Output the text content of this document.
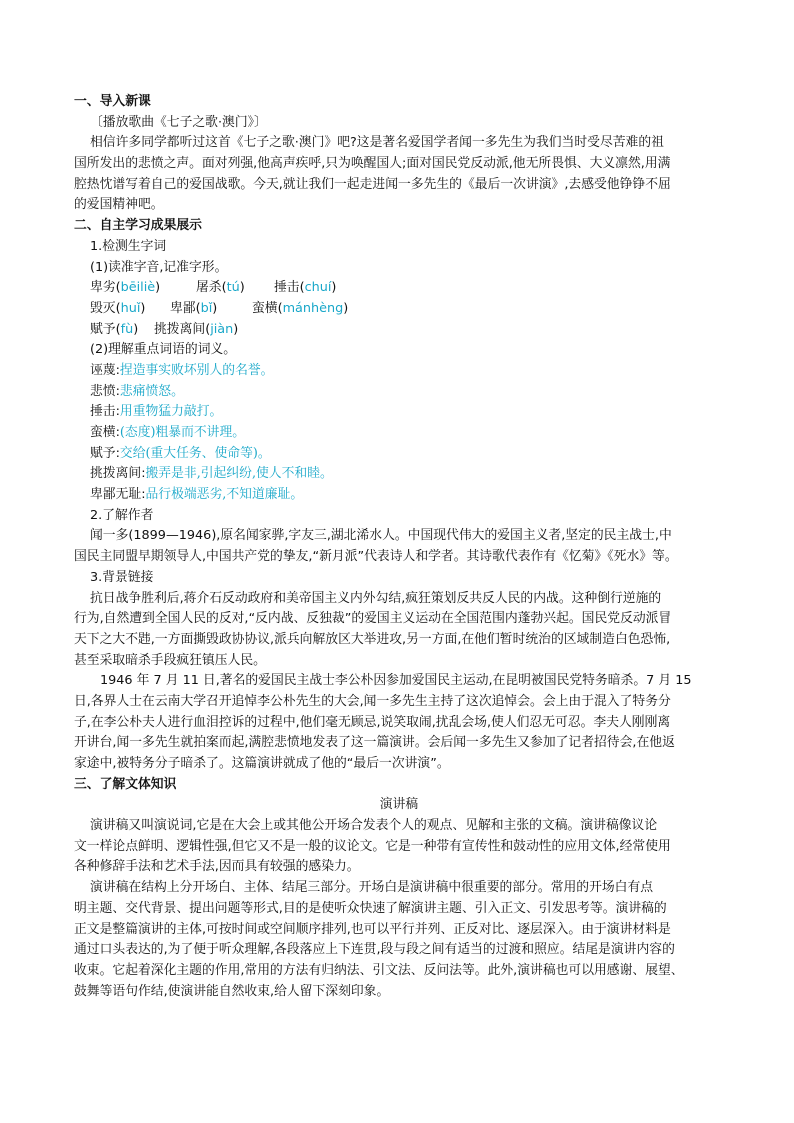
一、导入新课
〔播放歌曲《七子之歌·澳门》〕
相信许多同学都听过这首《七子之歌·澳门》吧?这是著名爱国学者闻一多先生为我们当时受尽苦难的祖
国所发出的悲愤之声。面对列强,他高声疾呼,只为唤醒国人;面对国民党反动派,他无所畏惧、大义凛然,用满
腔热忱谱写着自己的爱国战歌。今天,就让我们一起走进闻一多先生的《最后一次讲演》,去感受他铮铮不屈
的爱国精神吧。
二、自主学习成果展示
1.检测生字词
(1)读准字音,记准字形。
卑劣(bēiliè)	屠杀(tú) 捶击(chuí)
毁灭(huǐ) 卑鄙(bǐ)	蛮横(mánhèng)
赋予(fù) 挑拨离间(jiàn)
(2)理解重点词语的词义。
诬蔑:捏造事实败坏别人的名誉。
悲愤:悲痛愤怒。
捶击:用重物猛力敲打。
蛮横:(态度)粗暴而不讲理。
赋予:交给(重大任务、使命等)。
挑拨离间:搬弄是非,引起纠纷,使人不和睦。
卑鄙无耻:品行极端恶劣,不知道廉耻。
2.了解作者
闻一多(1899—1946),原名闻家骅,字友三,湖北浠水人。中国现代伟大的爱国主义者,坚定的民主战士,中
国民主同盟早期领导人,中国共产党的挚友,“新月派”代表诗人和学者。其诗歌代表作有《忆菊》《死水》等。
3.背景链接
抗日战争胜利后,蒋介石反动政府和美帝国主义内外勾结,疯狂策划反共反人民的内战。这种倒行逆施的
行为,自然遭到全国人民的反对,“反内战、反独裁”的爱国主义运动在全国范围内蓬勃兴起。国民党反动派冒
天下之大不韪,一方面撕毁政协协议,派兵向解放区大举进攻,另一方面,在他们暂时统治的区域制造白色恐怖,
甚至采取暗杀手段疯狂镇压人民。
1946 年 7 月 11 日,著名的爱国民主战士李公朴因参加爱国民主运动,在昆明被国民党特务暗杀。7 月 15
日,各界人士在云南大学召开追悼李公朴先生的大会,闻一多先生主持了这次追悼会。会上由于混入了特务分
子,在李公朴夫人进行血泪控诉的过程中,他们毫无顾忌,说笑取闹,扰乱会场,使人们忍无可忍。李夫人刚刚离
开讲台,闻一多先生就拍案而起,满腔悲愤地发表了这一篇演讲。会后闻一多先生又参加了记者招待会,在他返
家途中,被特务分子暗杀了。这篇演讲就成了他的“最后一次讲演”。
三、了解文体知识
演讲稿
演讲稿又叫演说词,它是在大会上或其他公开场合发表个人的观点、见解和主张的文稿。演讲稿像议论
文一样论点鲜明、逻辑性强,但它又不是一般的议论文。它是一种带有宣传性和鼓动性的应用文体,经常使用
各种修辞手法和艺术手法,因而具有较强的感染力。
演讲稿在结构上分开场白、主体、结尾三部分。开场白是演讲稿中很重要的部分。常用的开场白有点
明主题、交代背景、提出问题等形式,目的是使听众快速了解演讲主题、引入正文、引发思考等。演讲稿的
正文是整篇演讲的主体,可按时间或空间顺序排列,也可以平行并列、正反对比、逐层深入。由于演讲材料是
通过口头表达的,为了便于听众理解,各段落应上下连贯,段与段之间有适当的过渡和照应。结尾是演讲内容的
收束。它起着深化主题的作用,常用的方法有归纳法、引文法、反问法等。此外,演讲稿也可以用感谢、展望、
鼓舞等语句作结,使演讲能自然收束,给人留下深刻印象。
